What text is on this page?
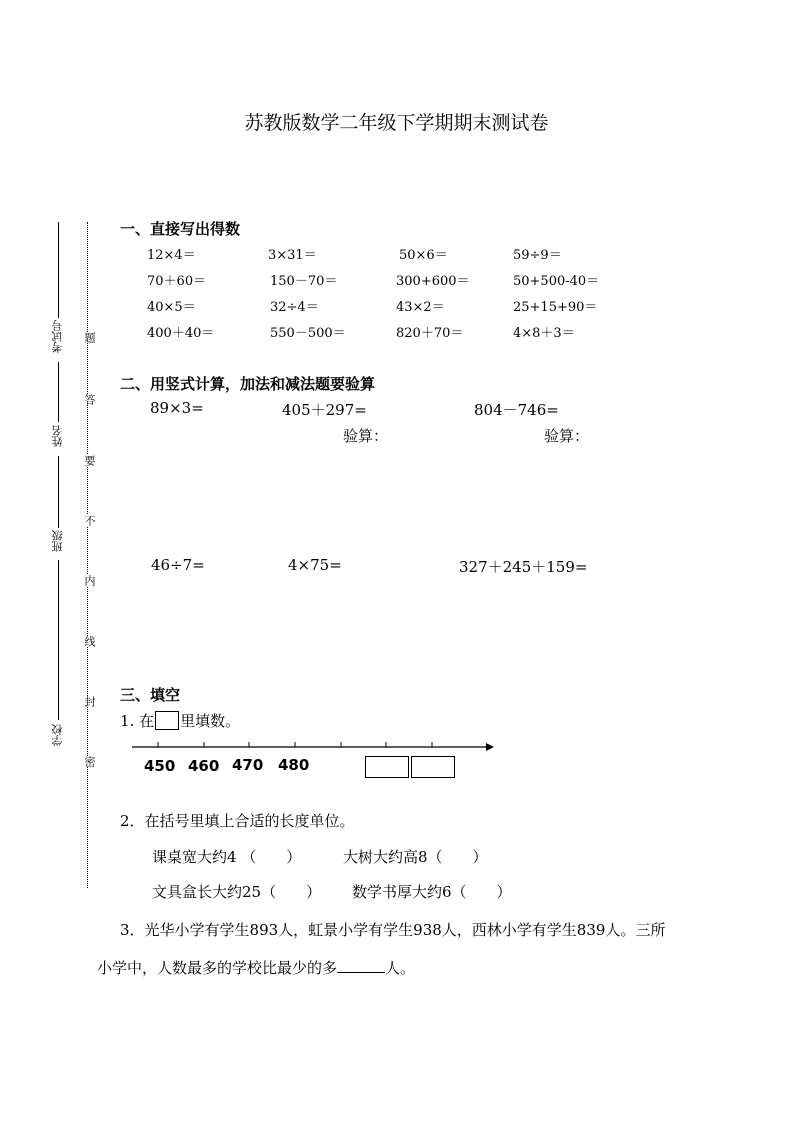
苏教版数学二年级下学期期末测试卷
考试号
姓名
班级
学校
题
答
要
不
内
线
封
密
一、直接写出得数
12×4＝	3×31＝	50×6＝	59÷9＝
70＋60＝	150－70＝	300+600＝	50+500-40＝
40×5＝	32÷4＝	43×2＝	25+15+90＝
400＋40＝	550－500＝	820＋70＝	4×8＋3＝
二、用竖式计算，加法和减法题要验算
89×3=	405＋297=	804－746=
验算：	验算：
46÷7=	4×75=	327＋245＋159=
三、填空
1. 在 里填数。
450 460 470 480
2．在括号里填上合适的长度单位。
课桌宽大约4 （　　）	大树大约高8（　　）
文具盒长大约25（　　） 数学书厚大约6（　　）
3．光华小学有学生893人，虹景小学有学生938人，西林小学有学生839人。三所
小学中，人数最多的学校比最少的多	人。
